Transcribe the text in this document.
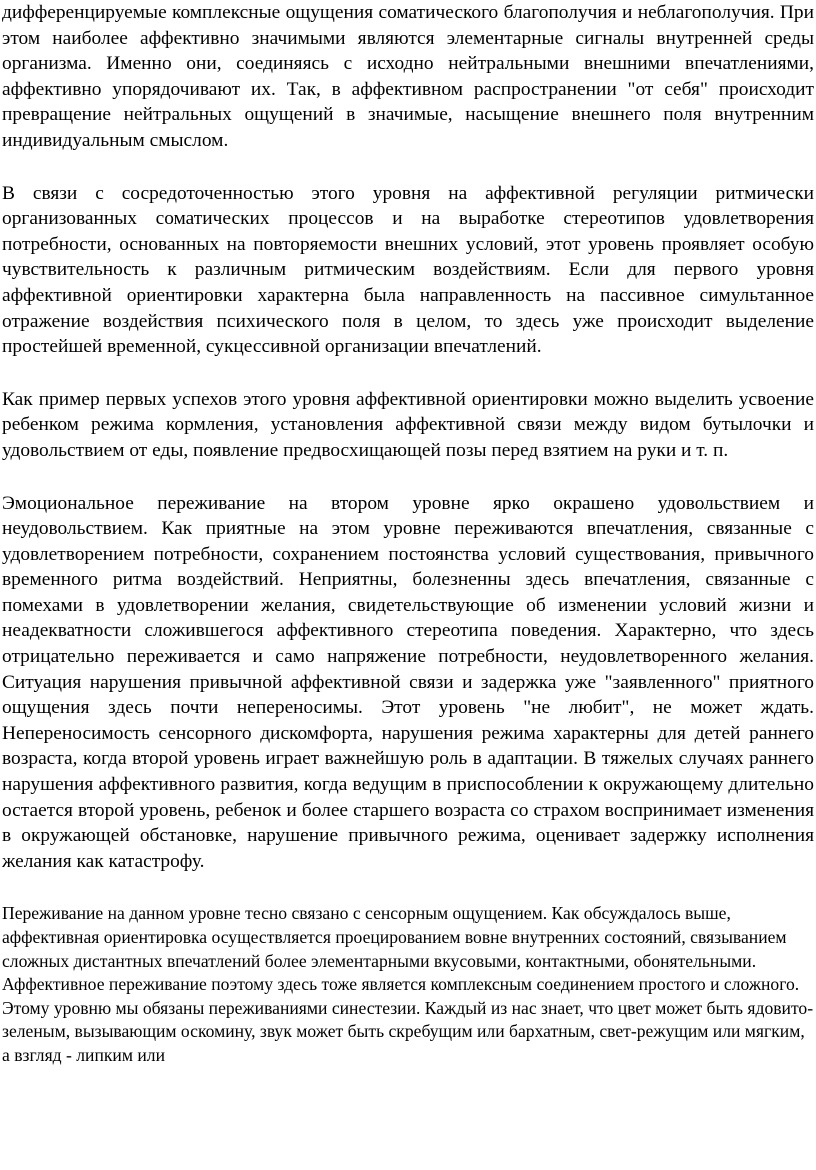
дифференцируемые комплексные ощущения соматического благополучия и неблагополучия. При этом наиболее аффективно значимыми являются элементарные сигналы внутренней среды организма. Именно они, соединяясь с исходно нейтральными внешними впечатлениями, аффективно упорядочивают их. Так, в аффективном распространении "от себя" происходит превращение нейтральных ощущений в значимые, насыщение внешнего поля внутренним индивидуальным смыслом.

В связи с сосредоточенностью этого уровня на аффективной регуляции ритмически организованных соматических процессов и на выработке стереотипов удовлетворения потребности, основанных на повторяемости внешних условий, этот уровень проявляет особую чувствительность к различным ритмическим воздействиям. Если для первого уровня аффективной ориентировки характерна была направленность на пассивное симультанное отражение воздействия психического поля в целом, то здесь уже происходит выделение простейшей временной, сукцессивной организации впечатлений.

Как пример первых успехов этого уровня аффективной ориентировки можно выделить усвоение ребенком режима кормления, установления аффективной связи между видом бутылочки и удовольствием от еды, появление предвосхищающей позы перед взятием на руки и т. п.

Эмоциональное переживание на втором уровне ярко окрашено удовольствием и неудовольствием. Как приятные на этом уровне переживаются впечатления, связанные с удовлетворением потребности, сохранением постоянства условий существования, привычного временного ритма воздействий. Неприятны, болезненны здесь впечатления, связанные с помехами в удовлетворении желания, свидетельствующие об изменении условий жизни и неадекватности сложившегося аффективного стереотипа поведения. Характерно, что здесь отрицательно переживается и само напряжение потребности, неудовлетворенного желания. Ситуация нарушения привычной аффективной связи и задержка уже "заявленного" приятного ощущения здесь почти непереносимы. Этот уровень "не любит", не может ждать. Непереносимость сенсорного дискомфорта, нарушения режима характерны для детей раннего возраста, когда второй уровень играет важнейшую роль в адаптации. В тяжелых случаях раннего нарушения аффективного развития, когда ведущим в приспособлении к окружающему длительно остается второй уровень, ребенок и более старшего возраста со страхом воспринимает изменения в окружающей обстановке, нарушение привычного режима, оценивает задержку исполнения желания как катастрофу.

Переживание на данном уровне тесно связано с сенсорным ощущением. Как обсуждалось выше, аффективная ориентировка осуществляется проецированием вовне внутренних состояний, связыванием сложных дистантных впечатлений более элементарными вкусовыми, контактными, обонятельными. Аффективное переживание поэтому здесь тоже является комплексным соединением простого и сложного. Этому уровню мы обязаны переживаниями синестезии. Каждый из нас знает, что цвет может быть ядовито-зеленым, вызывающим оскомину, звук может быть скребущим или бархатным, свет-режущим или мягким, а взгляд - липким или
